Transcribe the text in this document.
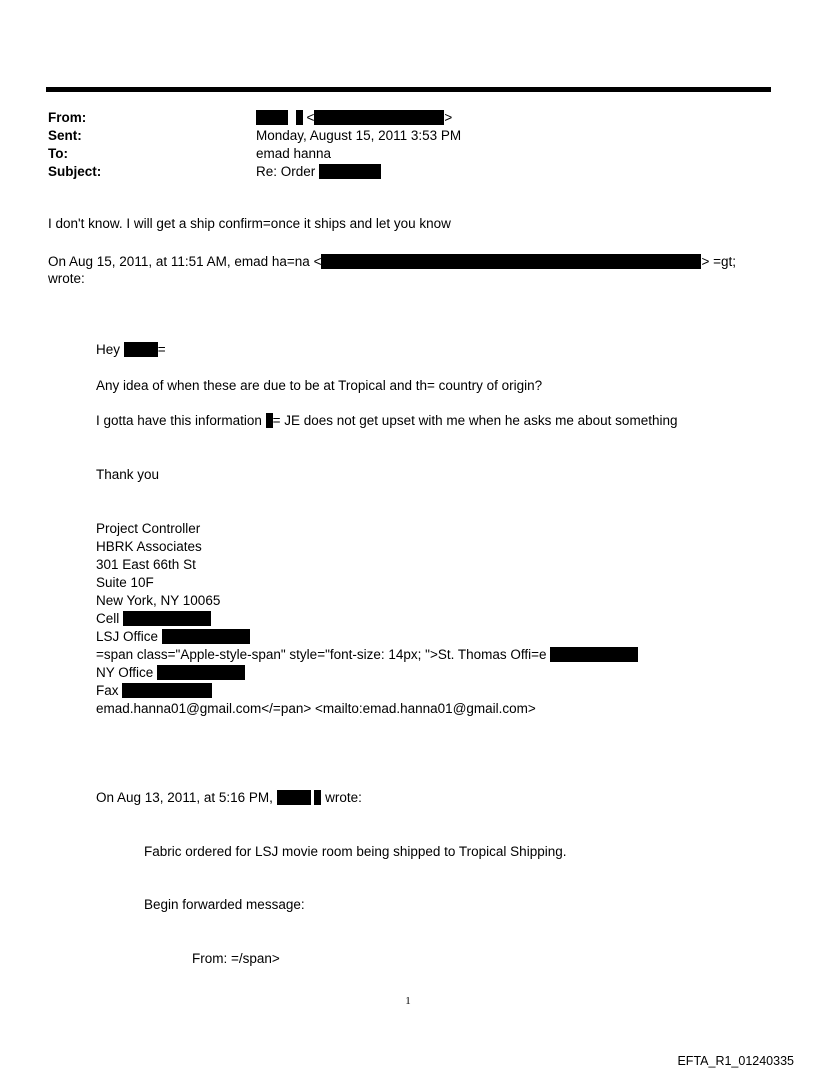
From:	<	>
Sent:	Monday, August 15, 2011 3:53 PM
To:	emad hanna
Subject:	Re: Order
I don't know. I will get a ship confirm=once it ships and let you know
On Aug 15, 2011, at 11:51 AM, emad ha=na <	> =gt;
wrote:
Hey	=
Any idea of when these are due to be at Tropical and th= country of origin?
I gotta have this information = JE does not get upset with me when he asks me about something
Thank you
Project Controller
HBRK Associates
301 East 66th St
Suite 10F
New York, NY 10065
Cell
LSJ Office
=span class="Apple-style-span" style="font-size: 14px; ">St. Thomas Offi=e
NY Office
Fax
emad.hanna01@gmail.com</=pan> <mailto:emad.hanna01@gmail.com>
On Aug 13, 2011, at 5:16 PM,	wrote:
Fabric ordered for LSJ movie room being shipped to Tropical Shipping.
Begin forwarded message:
From: =/span>
1
EFTA_R1_01240335
